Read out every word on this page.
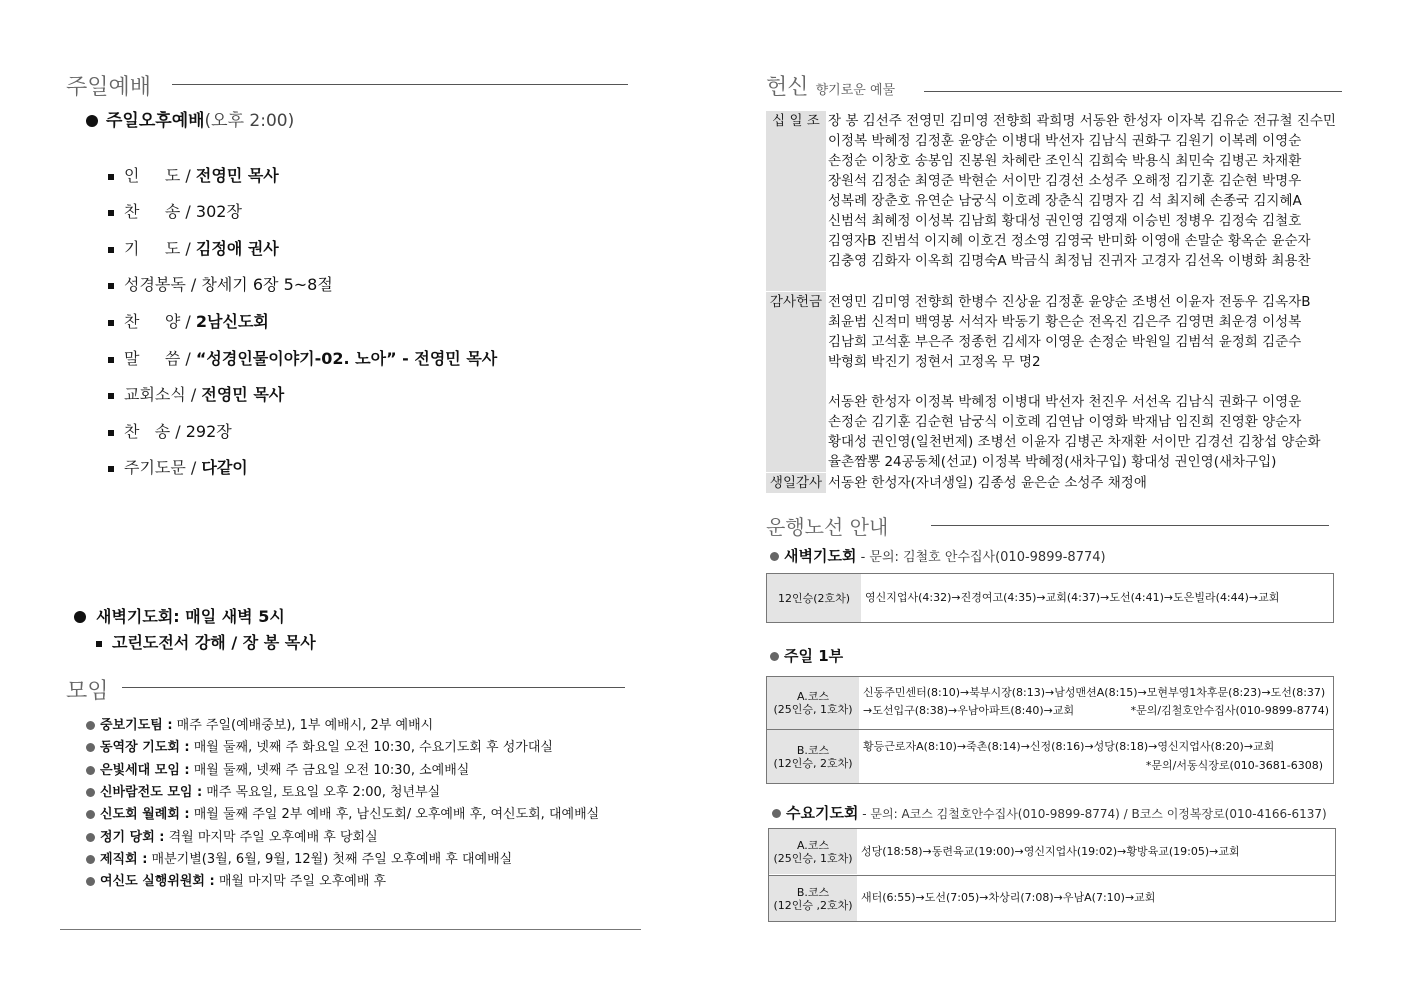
주일예배
주일오후예배(오후 2:00)
인     도 / 전영민 목사
찬     송 / 302장
기     도 / 김정애 권사
성경봉독 / 창세기 6장 5~8절
찬     양 / 2남신도회
말     씀 / “성경인물이야기-02. 노아” - 전영민 목사
교회소식 / 전영민 목사
찬   송 / 292장
주기도문 / 다같이
새벽기도회: 매일 새벽 5시
고린도전서 강해 / 장 봉 목사
모임
중보기도팀 : 매주 주일(예배중보), 1부 예배시, 2부 예배시
동역장 기도회 : 매월 둘째, 넷째 주 화요일 오전 10:30, 수요기도회 후 성가대실
은빛세대 모임 : 매월 둘째, 넷째 주 금요일 오전 10:30, 소예배실
신바람전도 모임 : 매주 목요일, 토요일 오후 2:00, 청년부실
신도회 월례회 : 매월 둘째 주일 2부 예배 후, 남신도회/ 오후예배 후, 여신도회, 대예배실
정기 당회 : 격월 마지막 주일 오후예배 후 당회실
제직회 : 매분기별(3월, 6월, 9월, 12월) 첫째 주일 오후예배 후 대예배실
여신도 실행위원회 : 매월 마지막 주일 오후예배 후
헌신 향기로운 예물
십 일 조 장 봉 김선주 전영민 김미영 전향희 곽희명 서동완 한성자 이자복 김유순 전규철 진수민 이정복 박혜정 김정훈 윤양순 이병대 박선자 김남식 권화구 김원기 이복례 이영순 손정순 이창호 송봉임 진봉원 차혜란 조인식 김희숙 박용식 최민숙 김병곤 차재환 장원석 김정순 최영준 박현순 서이만 김경선 소성주 오해정 김기훈 김순현 박명우 성복례 장춘호 유연순 남궁식 이호례 장춘식 김명자 김 석 최지혜 손종국 김지혜A 신범석 최혜정 이성복 김남희 황대성 권인영 김영재 이승빈 정병우 김정숙 김철호 김영자B 진범석 이지혜 이호건 정소영 김영국 반미화 이영애 손말순 황옥순 윤순자 김충영 김화자 이옥희 김명숙A 박금식 최정님 진귀자 고경자 김선옥 이병화 최용찬
감사헌금 전영민 김미영 전향희 한병수 진상윤 김정훈 윤양순 조병선 이윤자 전동우 김옥자B 최윤범 신적미 백영봉 서석자 박동기 황은순 전옥진 김은주 김영면 최운경 이성복 김남희 고석훈 부은주 정종헌 김세자 이영운 손정순 박원일 김범석 윤정희 김준수 박형희 박진기 정현서 고정옥 무 명2
서동완 한성자 이정복 박혜정 이병대 박선자 천진우 서선옥 김남식 권화구 이영운 손정순 김기훈 김순현 남궁식 이호례 김연남 이영화 박재남 임진희 진영환 양순자 황대성 권인영(일천번제) 조병선 이윤자 김병곤 차재환 서이만 김경선 김창섭 양순화 율촌짬뽕 24공동체(선교) 이정복 박혜정(새차구입) 황대성 권인영(새차구입)
생일감사 서동완 한성자(자녀생일) 김종성 윤은순 소성주 채정애
운행노선 안내
새벽기도회 - 문의: 김철호 안수집사(010-9899-8774)
12인승(2호차)	영신지업사(4:32)→진경여고(4:35)→교회(4:37)→도선(4:41)→도은빌라(4:44)→교회
주일 1부
A.코스
(25인승, 1호차)
신동주민센터(8:10)→북부시장(8:13)→남성맨션A(8:15)→모현부영1차후문(8:23)→도선(8:37)
→도선입구(8:38)→우남아파트(8:40)→교회	*문의/김철호안수집사(010-9899-8774)
B.코스
(12인승, 2호차)
황등근로자A(8:10)→죽촌(8:14)→신정(8:16)→성당(8:18)→영신지업사(8:20)→교회
*문의/서동식장로(010-3681-6308)
수요기도회 - 문의: A코스 김철호안수집사(010-9899-8774) / B코스 이정복장로(010-4166-6137)
A.코스
(25인승, 1호차) 성당(18:58)→동련육교(19:00)→영신지업사(19:02)→황방육교(19:05)→교회
B.코스
(12인승 ,2호차)
새터(6:55)→도선(7:05)→차상리(7:08)→우남A(7:10)→교회
